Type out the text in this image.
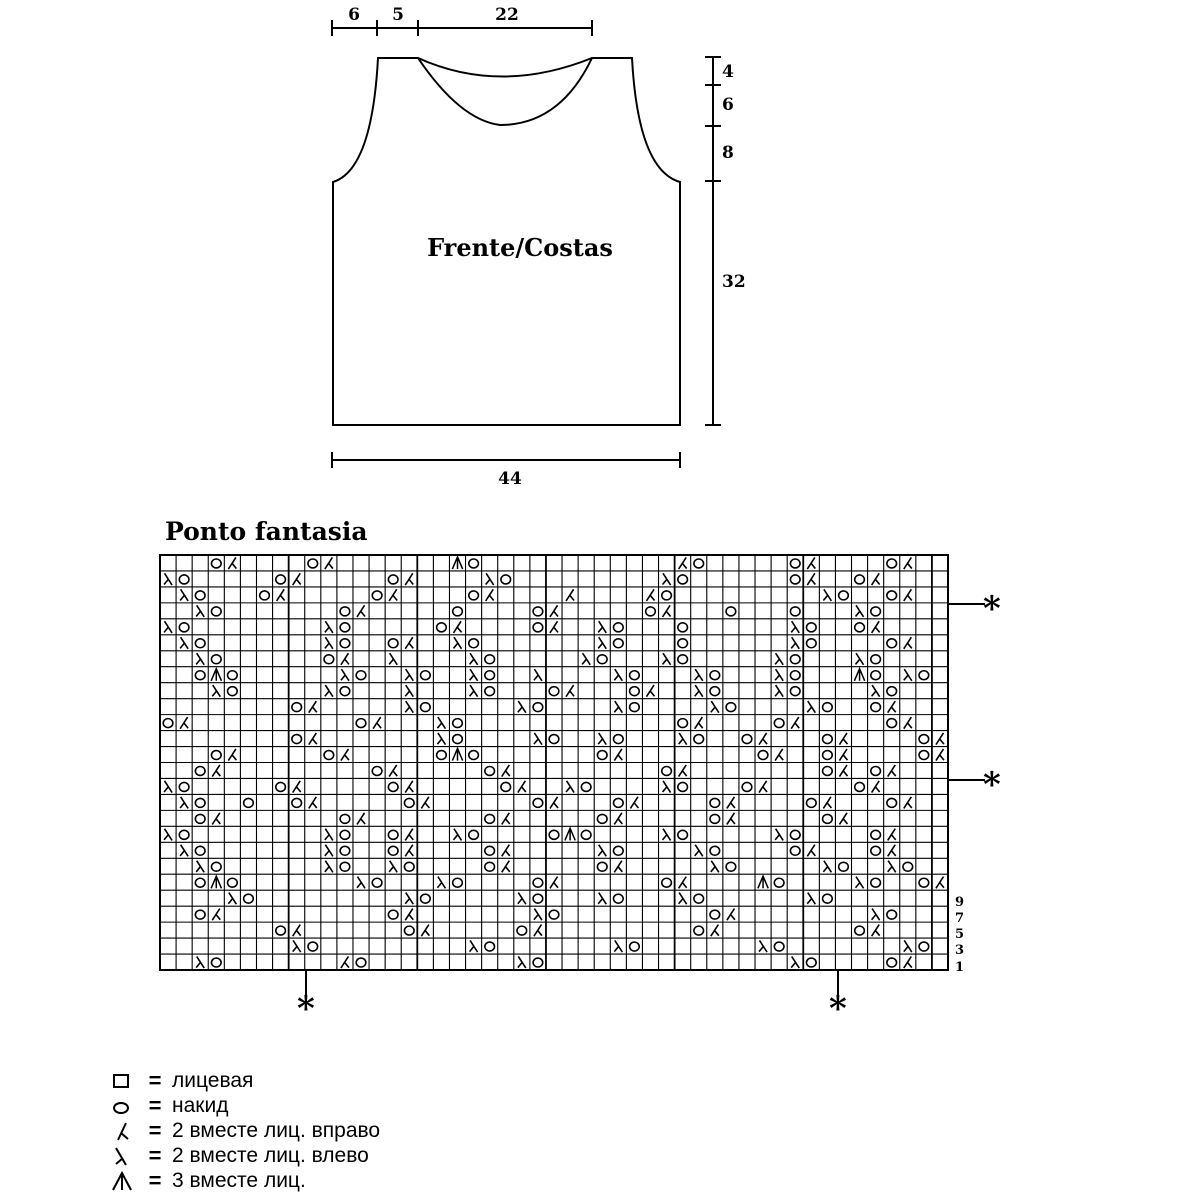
6 5	22
4
6
8
32
44
Frente/Costas
Ponto fantasia
9
7
5
3
1
*
*
*	*
= лицевая
= накид
= 2 вместе лиц. вправо
= 2 вместе лиц. влево
= 3 вместе лиц.
